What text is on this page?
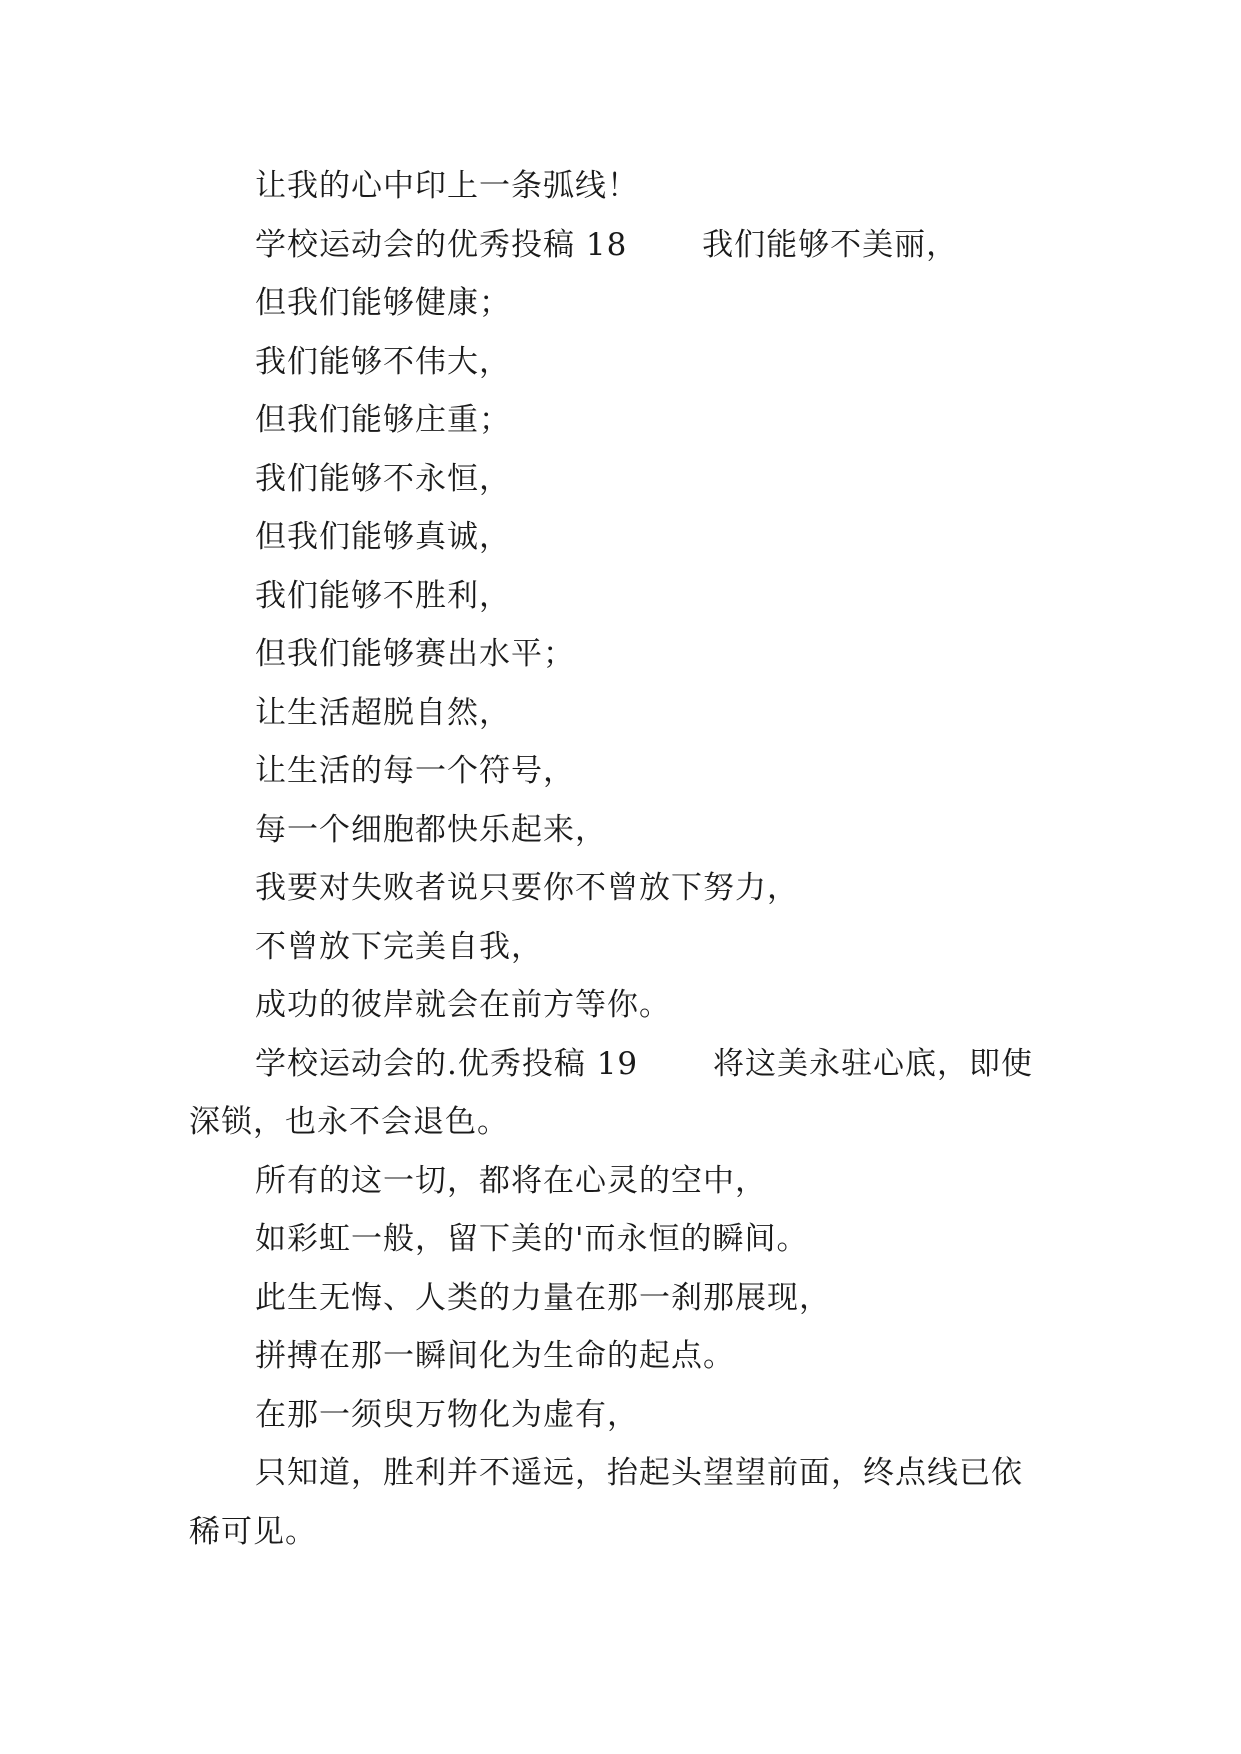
让我的心中印上一条弧线！

学校运动会的优秀投稿 18　　 我们能够不美丽，

但我们能够健康；

我们能够不伟大，

但我们能够庄重；

我们能够不永恒，

但我们能够真诚，

我们能够不胜利，

但我们能够赛出水平；

让生活超脱自然，

让生活的每一个符号，

每一个细胞都快乐起来，

我要对失败者说只要你不曾放下努力，

不曾放下完美自我，

成功的彼岸就会在前方等你。

学校运动会的.优秀投稿 19　　 将这美永驻心底，即使深锁，也永不会退色。

所有的这一切，都将在心灵的空中，

如彩虹一般，留下美的'而永恒的瞬间。

此生无悔、人类的力量在那一刹那展现，

拼搏在那一瞬间化为生命的起点。

在那一须臾万物化为虚有，

只知道，胜利并不遥远，抬起头望望前面，终点线已依稀可见。
